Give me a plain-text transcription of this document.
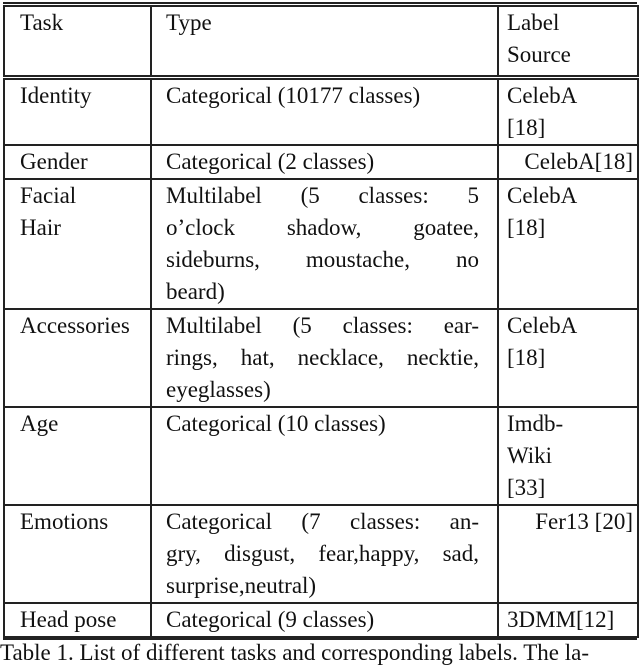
Task	Type	Label
Source

Identity	Categorical (10177 classes)	CelebA
[18]

Gender	Categorical (2 classes)	CelebA[18]

Facial
Hair	Multilabel (5 classes: 5
o’clock shadow, goatee,
sideburns, moustache, no
beard)	CelebA
[18]

Accessories	Multilabel (5 classes: ear-
rings, hat, necklace, necktie,
eyeglasses)	CelebA
[18]

Age	Categorical (10 classes)	Imdb-
Wiki
[33]

Emotions	Categorical (7 classes: an-
gry, disgust, fear,happy, sad,
surprise,neutral)	Fer13 [20]

Head pose	Categorical (9 classes)	3DMM[12]
Table 1. List of different tasks and corresponding labels. The la-
